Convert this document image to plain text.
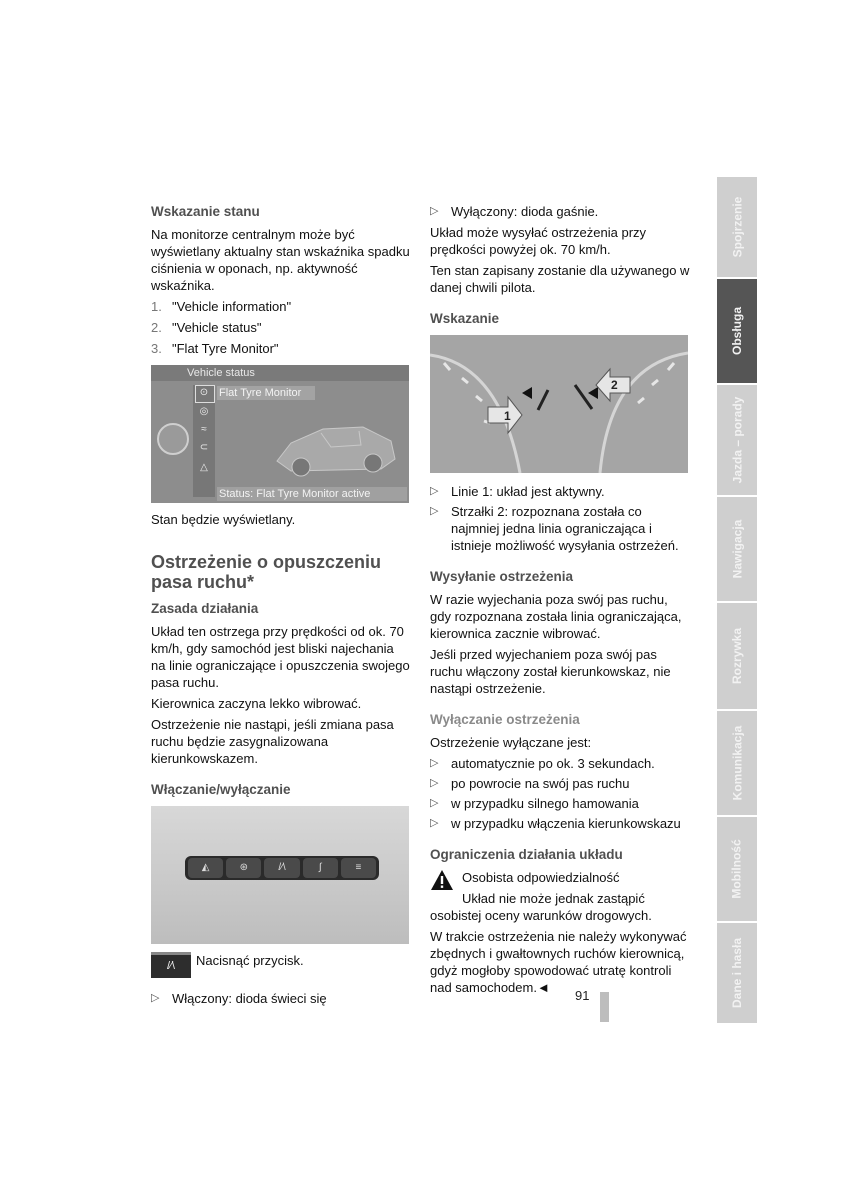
Wskazanie stanu

Na monitorze centralnym może być wyświetlany aktualny stan wskaźnika spadku ciśnienia w oponach, np. aktywność wskaźnika.

1. "Vehicle information"
2. "Vehicle status"
3. "Flat Tyre Monitor"
Vehicle status
⊙
◎
≈
⊂
△
Flat Tyre Monitor
Status: Flat Tyre Monitor active

Stan będzie wyświetlany.

Ostrzeżenie o opuszczeniu pasa ruchu*
Zasada działania

Układ ten ostrzega przy prędkości od ok. 70 km/h, gdy samochód jest bliski najechania na linie ograniczające i opuszczenia swojego pasa ruchu.

Kierownica zaczyna lekko wibrować.

Ostrzeżenie nie nastąpi, jeśli zmiana pasa ruchu będzie zasygnalizowana kierunkowskazem.

Włączanie/wyłączanie
◭	⊛	/∕\	∫	≡
/∕\	Nacisnąć przycisk.
▷ Włączony: dioda świeci się
▷ Wyłączony: dioda gaśnie.

Układ może wysyłać ostrzeżenia przy prędkości powyżej ok. 70 km/h.

Ten stan zapisany zostanie dla używanego w danej chwili pilota.

Wskazanie
1
2
▷ Linie 1: układ jest aktywny.
▷ Strzałki 2: rozpoznana została co najmniej jedna linia ograniczająca i istnieje możliwość wysyłania ostrzeżeń.
Wysyłanie ostrzeżenia

W razie wyjechania poza swój pas ruchu, gdy rozpoznana została linia ograniczająca, kierownica zacznie wibrować.

Jeśli przed wyjechaniem poza swój pas ruchu włączony został kierunkowskaz, nie nastąpi ostrzeżenie.

Wyłączanie ostrzeżenia

Ostrzeżenie wyłączane jest:

▷ automatycznie po ok. 3 sekundach.
▷ po powrocie na swój pas ruchu
▷ w przypadku silnego hamowania
▷ w przypadku włączenia kierunkowskazu
Ograniczenia działania układu

Osobista odpowiedzialność

Układ nie może jednak zastąpić osobistej oceny warunków drogowych.

W trakcie ostrzeżenia nie należy wykonywać zbędnych i gwałtownych ruchów kierownicą, gdyż mogłoby spowodować utratę kontroli nad samochodem.◄

91
Spojrzenie
Obsługa
Jazda – porady
Nawigacja
Rozrywka
Komunikacja
Mobilność
Dane i hasła
